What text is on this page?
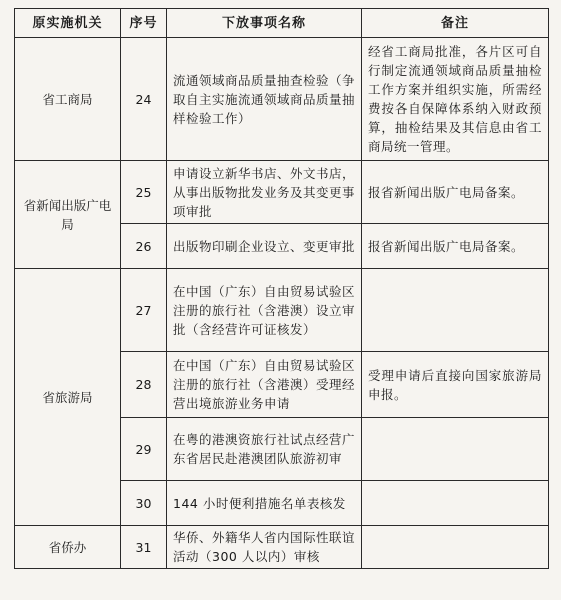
原实施机关	序号	下放事项名称	备注
省工商局	24	流通领域商品质量抽查检验（争取自主实施流通领域商品质量抽样检验工作）	经省工商局批准，各片区可自行制定流通领域商品质量抽检工作方案并组织实施，所需经费按各自保障体系纳入财政预算，抽检结果及其信息由省工商局统一管理。
省新闻出版广电局	25	申请设立新华书店、外文书店，从事出版物批发业务及其变更事项审批	报省新闻出版广电局备案。
	26	出版物印刷企业设立、变更审批	报省新闻出版广电局备案。
省旅游局	27	在中国（广东）自由贸易试验区注册的旅行社（含港澳）设立审批（含经营许可证核发）	
	28	在中国（广东）自由贸易试验区注册的旅行社（含港澳）受理经营出境旅游业务申请	受理申请后直接向国家旅游局申报。
	29	在粤的港澳资旅行社试点经营广东省居民赴港澳团队旅游初审	
	30	144 小时便利措施名单表核发	
省侨办	31	华侨、外籍华人省内国际性联谊活动（300 人以内）审核	
